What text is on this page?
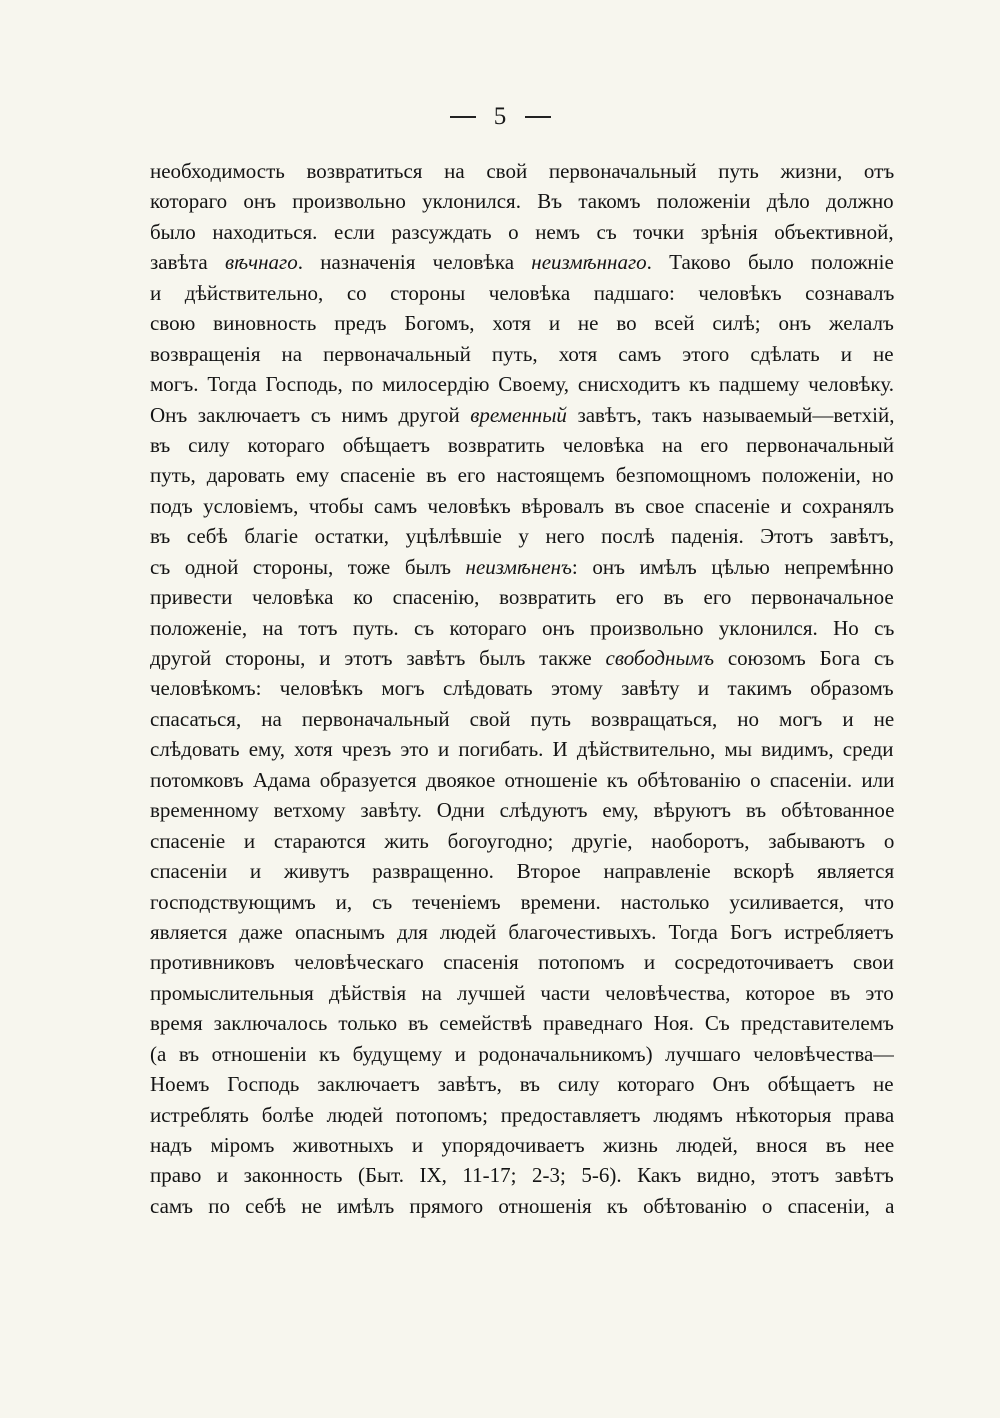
5
необходимость возвратиться на свой первоначальный путь жизни, отъ
котораго онъ произвольно уклонился. Въ такомъ положеніи дѣло должно
было находиться. если разсуждать о немъ съ точки зрѣнія объективной,
завѣта вѣчнаго. назначенія человѣка неизмѣннаго. Таково было положніе
и дѣйствительно, со стороны человѣка падшаго: человѣкъ сознавалъ
свою виновность предъ Богомъ, хотя и не во всей силѣ; онъ желалъ
возвращенія на первоначальный путь, хотя самъ этого сдѣлать и не
могъ. Тогда Господь, по милосердію Своему, снисходитъ къ падшему человѣку.
Онъ заключаетъ съ нимъ другой временный завѣтъ, такъ называемый—ветхій,
въ силу котораго обѣщаетъ возвратить человѣка на его первоначальный
путь, даровать ему спасеніе въ его настоящемъ безпомощномъ положеніи, но
подъ условіемъ, чтобы самъ человѣкъ вѣровалъ въ свое спасеніе и сохранялъ
въ себѣ благіе остатки, уцѣлѣвшіе у него послѣ паденія. Этотъ завѣтъ,
съ одной стороны, тоже былъ неизмѣненъ: онъ имѣлъ цѣлью непремѣнно
привести человѣка ко спасенію, возвратить его въ его первоначальное
положеніе, на тотъ путь. съ котораго онъ произвольно уклонился. Но съ
другой стороны, и этотъ завѣтъ былъ также свободнымъ союзомъ Бога съ
человѣкомъ: человѣкъ могъ слѣдовать этому завѣту и такимъ образомъ
спасаться, на первоначальный свой путь возвращаться, но могъ и не
слѣдовать ему, хотя чрезъ это и погибать. И дѣйствительно, мы видимъ, среди
потомковъ Адама образуется двоякое отношеніе къ обѣтованію о спасеніи. или
временному ветхому завѣту. Одни слѣдуютъ ему, вѣруютъ въ обѣтованное
спасеніе и стараются жить богоугодно; другіе, наоборотъ, забываютъ о
спасеніи и живутъ развращенно. Второе направленіе вскорѣ является
господствующимъ и, съ теченіемъ времени. настолько усиливается, что
является даже опаснымъ для людей благочестивыхъ. Тогда Богъ истребляетъ
противниковъ человѣческаго спасенія потопомъ и сосредоточиваетъ свои
промыслительныя дѣйствія на лучшей части человѣчества, которое въ это
время заключалось только въ семействѣ праведнаго Ноя. Съ представителемъ
(а въ отношеніи къ будущему и родоначальникомъ) лучшаго человѣчества—
Ноемъ Господь заключаетъ завѣтъ, въ силу котораго Онъ обѣщаетъ не
истреблять болѣе людей потопомъ; предоставляетъ людямъ нѣкоторыя права
надъ міромъ животныхъ и упорядочиваетъ жизнь людей, внося въ нее
право и законность (Быт. IX, 11-17; 2-3; 5-6). Какъ видно, этотъ завѣтъ
самъ по себѣ не имѣлъ прямого отношенія къ обѣтованію о спасеніи, а
